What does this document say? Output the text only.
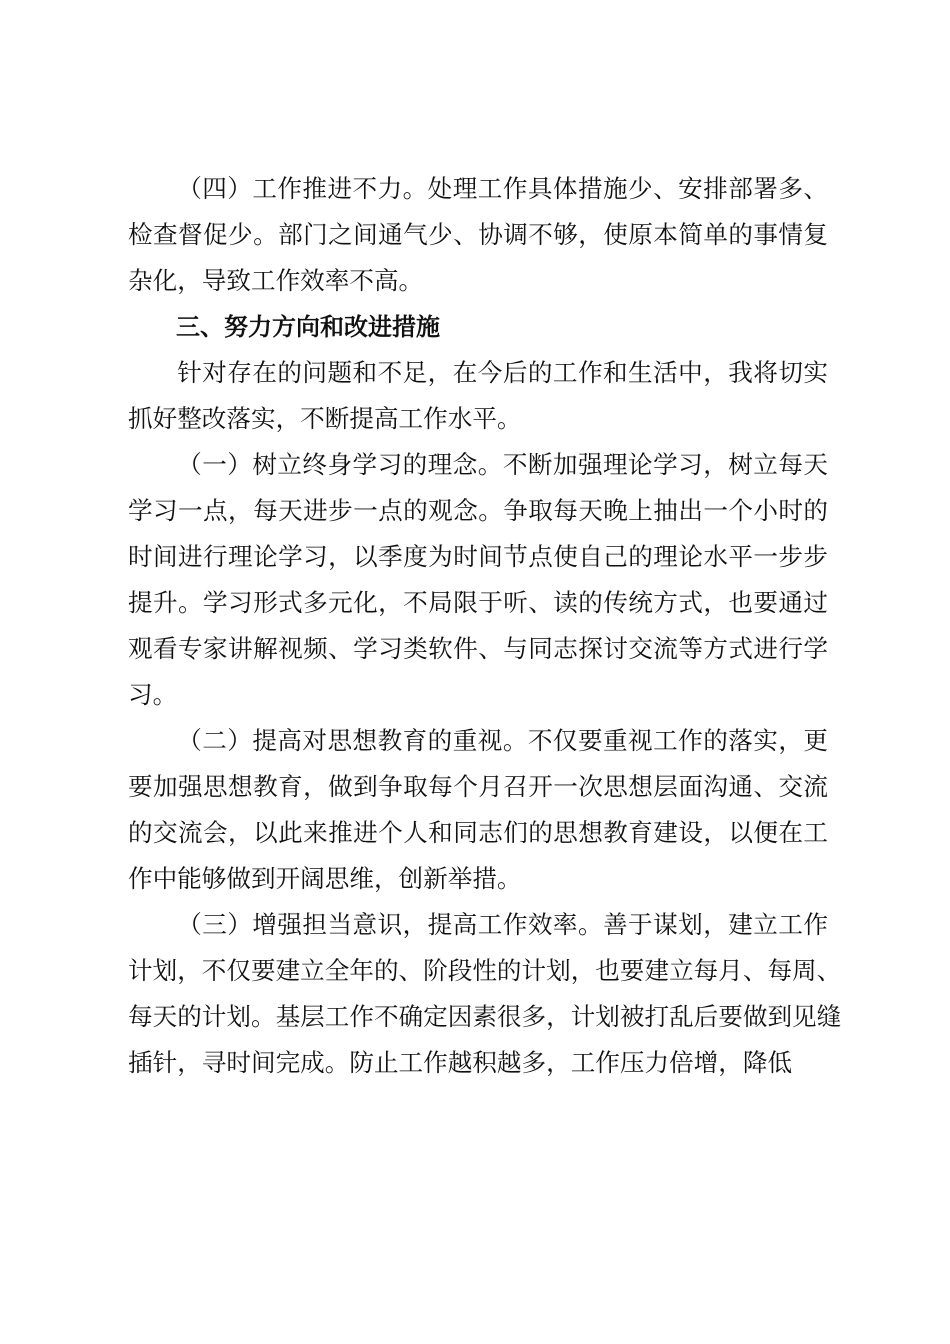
（四）工作推进不力。处理工作具体措施少、安排部署多、
检查督促少。部门之间通气少、协调不够，使原本简单的事情复
杂化，导致工作效率不高。
三、努力方向和改进措施
针对存在的问题和不足，在今后的工作和生活中，我将切实
抓好整改落实，不断提高工作水平。
（一）树立终身学习的理念。不断加强理论学习，树立每天
学习一点，每天进步一点的观念。争取每天晚上抽出一个小时的
时间进行理论学习，以季度为时间节点使自己的理论水平一步步
提升。学习形式多元化，不局限于听、读的传统方式，也要通过
观看专家讲解视频、学习类软件、与同志探讨交流等方式进行学
习。
（二）提高对思想教育的重视。不仅要重视工作的落实，更
要加强思想教育，做到争取每个月召开一次思想层面沟通、交流
的交流会，以此来推进个人和同志们的思想教育建设，以便在工
作中能够做到开阔思维，创新举措。
（三）增强担当意识，提高工作效率。善于谋划，建立工作
计划，不仅要建立全年的、阶段性的计划，也要建立每月、每周、
每天的计划。基层工作不确定因素很多，计划被打乱后要做到见缝
插针，寻时间完成。防止工作越积越多，工作压力倍增，降低
